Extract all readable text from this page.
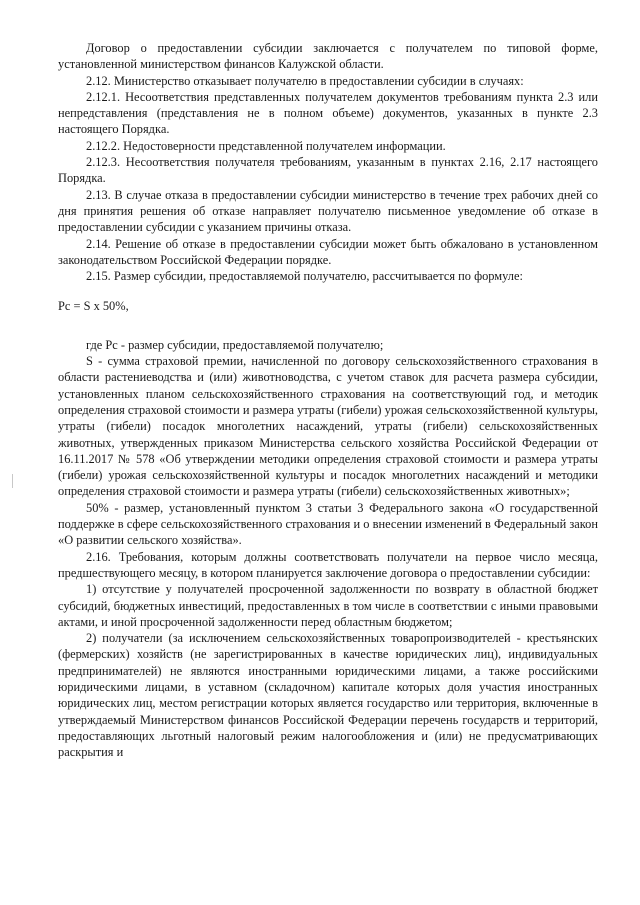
Договор о предоставлении субсидии заключается с получателем по типовой форме, установленной министерством финансов Калужской области.

2.12. Министерство отказывает получателю в предоставлении субсидии в случаях:

2.12.1. Несоответствия представленных получателем документов требованиям пункта 2.3 или непредставления (представления не в полном объеме) документов, указанных в пункте 2.3 настоящего Порядка.

2.12.2. Недостоверности представленной получателем информации.

2.12.3. Несоответствия получателя требованиям, указанным в пунктах 2.16, 2.17 настоящего Порядка.

2.13. В случае отказа в предоставлении субсидии министерство в течение трех рабочих дней со дня принятия решения об отказе направляет получателю письменное уведомление об отказе в предоставлении субсидии с указанием причины отказа.

2.14. Решение об отказе в предоставлении субсидии может быть обжаловано в установленном законодательством Российской Федерации порядке.

2.15. Размер субсидии, предоставляемой получателю, рассчитывается по формуле:

Рс = S x 50%,

где Рс - размер субсидии, предоставляемой получателю;

S - сумма страховой премии, начисленной по договору сельскохозяйственного страхования в области растениеводства и (или) животноводства, с учетом ставок для расчета размера субсидии, установленных планом сельскохозяйственного страхования на соответствующий год, и методик определения страховой стоимости и размера утраты (гибели) урожая сельскохозяйственной культуры, утраты (гибели) посадок многолетних насаждений, утраты (гибели) сельскохозяйственных животных, утвержденных приказом Министерства сельского хозяйства Российской Федерации от 16.11.2017 № 578 «Об утверждении методики определения страховой стоимости и размера утраты (гибели) урожая сельскохозяйственной культуры и посадок многолетних насаждений и методики определения страховой стоимости и размера утраты (гибели) сельскохозяйственных животных»;

50% - размер, установленный пунктом 3 статьи 3 Федерального закона «О государственной поддержке в сфере сельскохозяйственного страхования и о внесении изменений в Федеральный закон «О развитии сельского хозяйства».

2.16. Требования, которым должны соответствовать получатели на первое число месяца, предшествующего месяцу, в котором планируется заключение договора о предоставлении субсидии:

1) отсутствие у получателей просроченной задолженности по возврату в областной бюджет субсидий, бюджетных инвестиций, предоставленных в том числе в соответствии с иными правовыми актами, и иной просроченной задолженности перед областным бюджетом;

2) получатели (за исключением сельскохозяйственных товаропроизводителей - крестьянских (фермерских) хозяйств (не зарегистрированных в качестве юридических лиц), индивидуальных предпринимателей) не являются иностранными юридическими лицами, а также российскими юридическими лицами, в уставном (складочном) капитале которых доля участия иностранных юридических лиц, местом регистрации которых является государство или территория, включенные в утверждаемый Министерством финансов Российской Федерации перечень государств и территорий, предоставляющих льготный налоговый режим налогообложения и (или) не предусматривающих раскрытия и
